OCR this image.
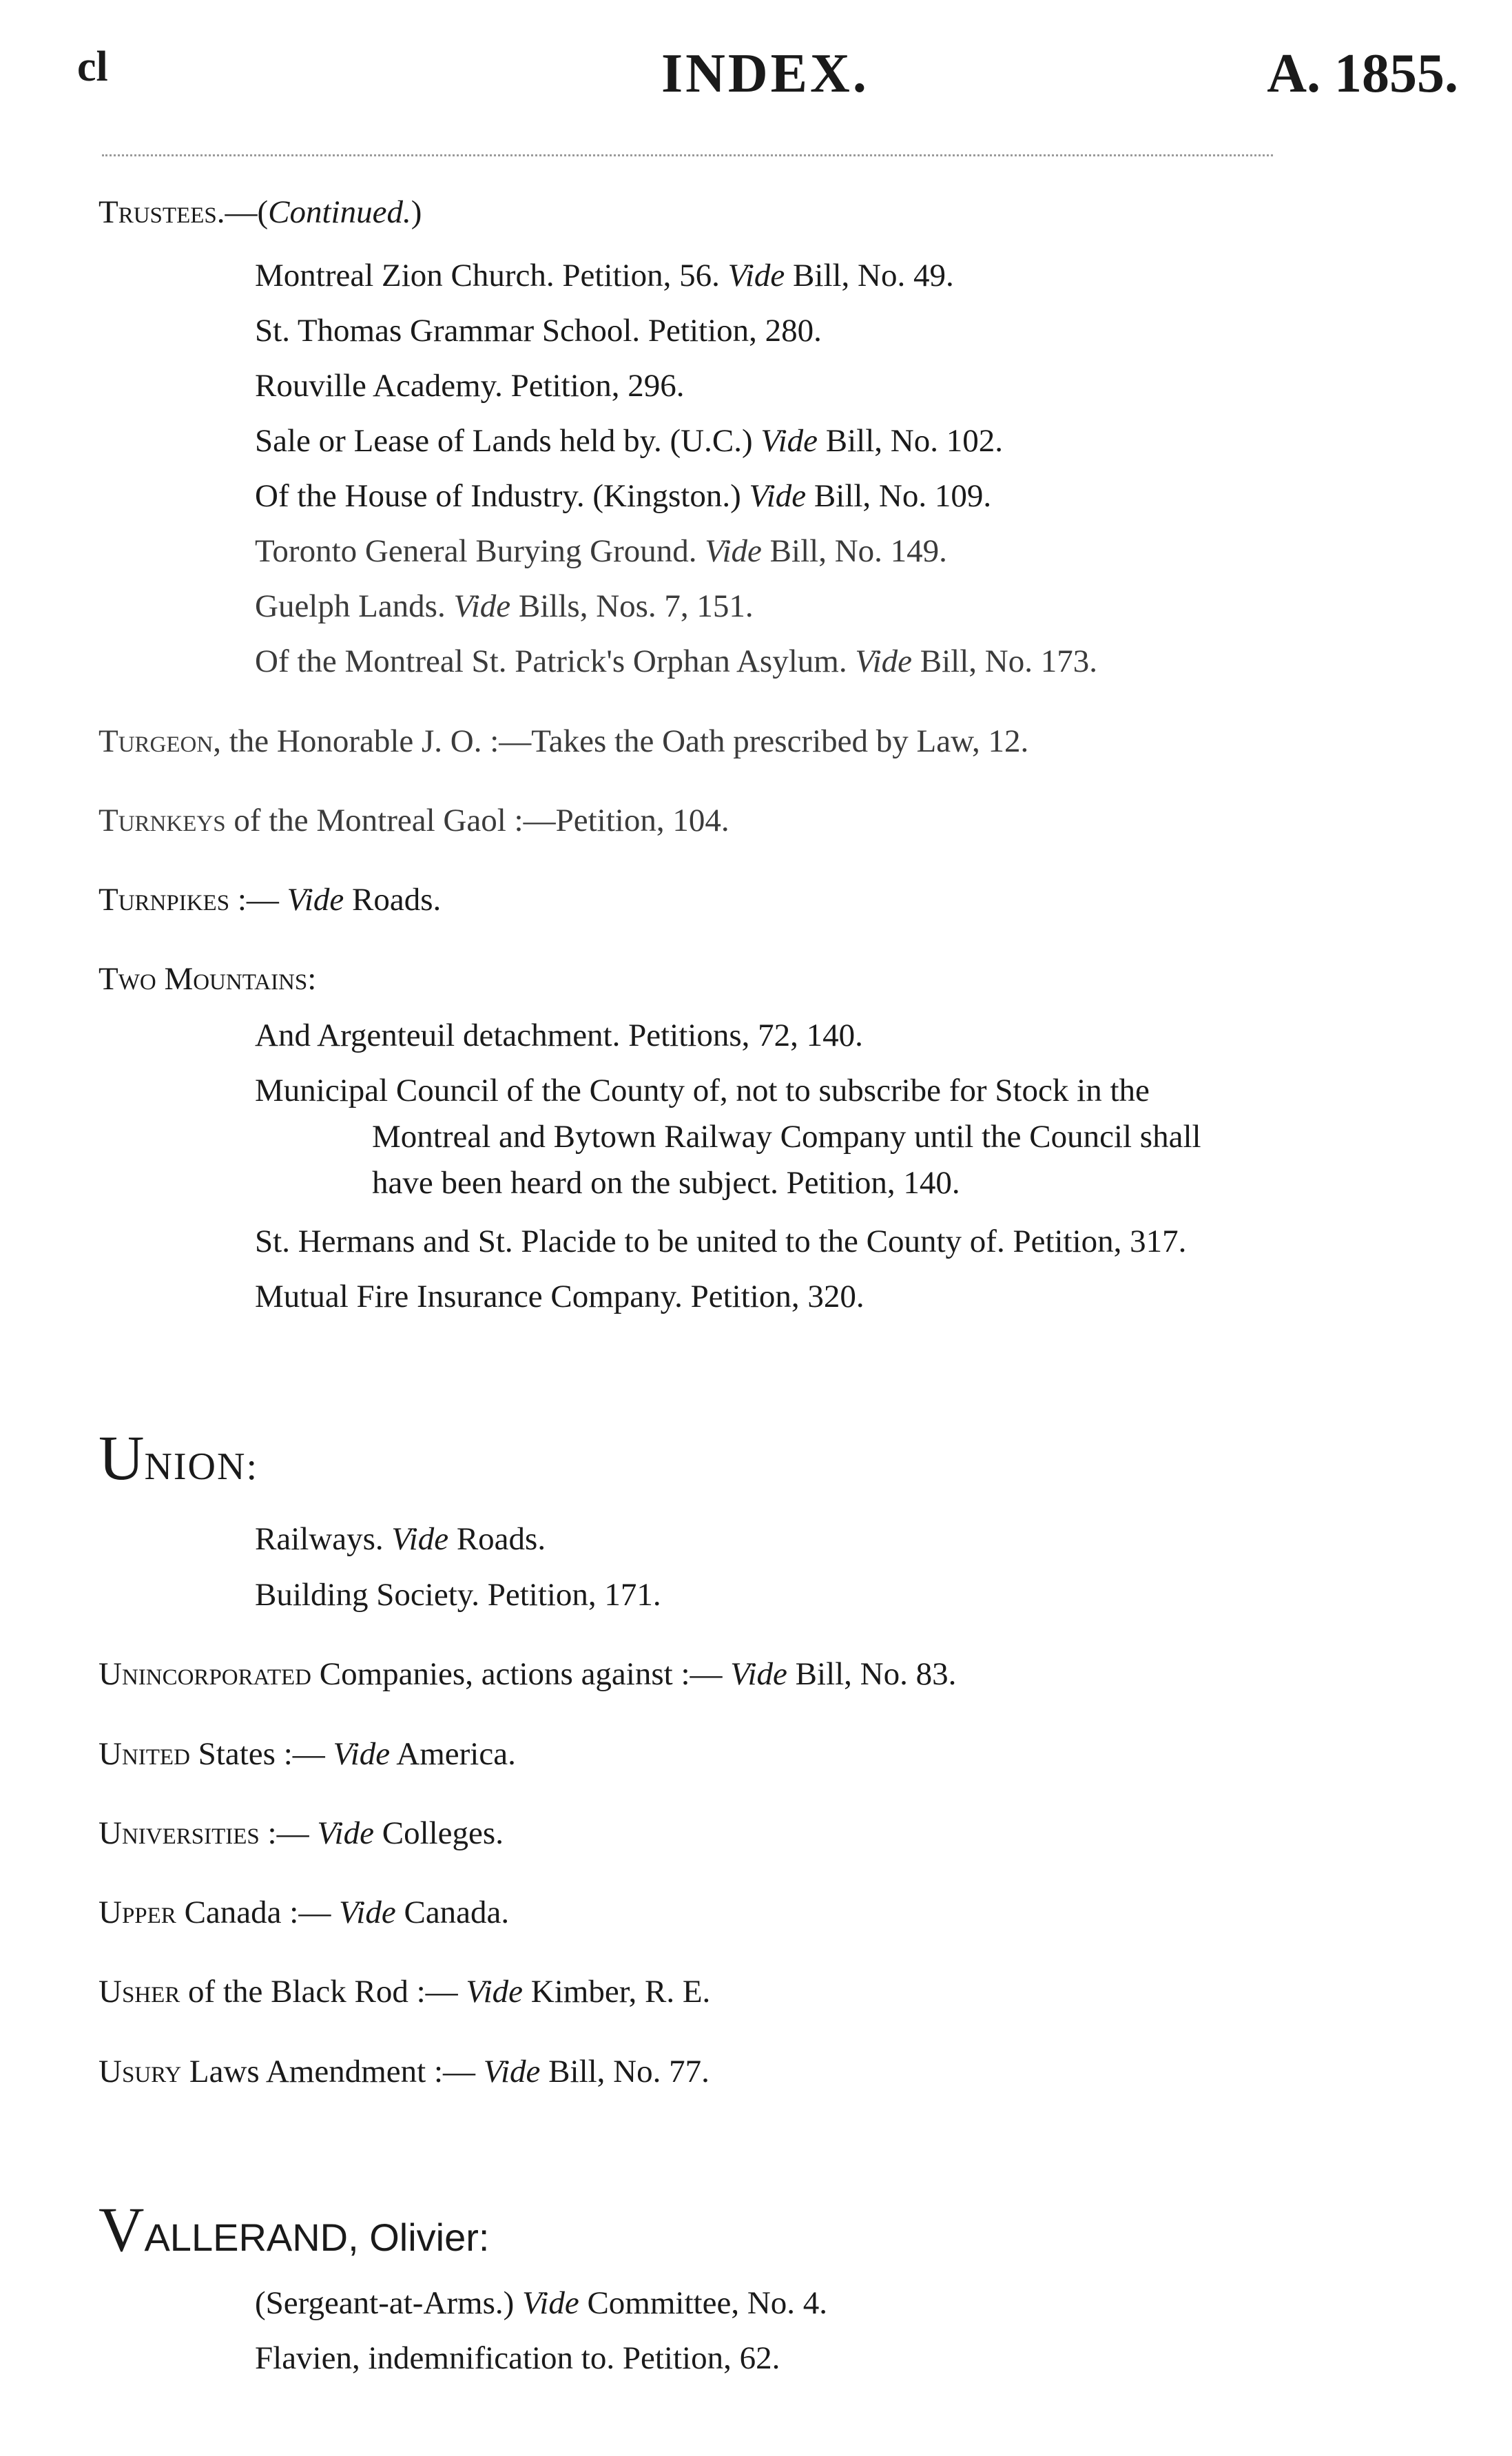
cl	INDEX.	A. 1855.
Trustees.—(Continued.)
Montreal Zion Church. Petition, 56. Vide Bill, No. 49.
St. Thomas Grammar School. Petition, 280.
Rouville Academy. Petition, 296.
Sale or Lease of Lands held by. (U.C.) Vide Bill, No. 102.
Of the House of Industry. (Kingston.) Vide Bill, No. 109.
Toronto General Burying Ground. Vide Bill, No. 149.
Guelph Lands. Vide Bills, Nos. 7, 151.
Of the Montreal St. Patrick's Orphan Asylum. Vide Bill, No. 173.
Turgeon, the Honorable J. O. :—Takes the Oath prescribed by Law, 12.
Turnkeys of the Montreal Gaol :—Petition, 104.
Turnpikes :— Vide Roads.
Two Mountains:
And Argenteuil detachment. Petitions, 72, 140.
Municipal Council of the County of, not to subscribe for Stock in the
Montreal and Bytown Railway Company until the Council shall
have been heard on the subject. Petition, 140.
St. Hermans and St. Placide to be united to the County of. Petition, 317.
Mutual Fire Insurance Company. Petition, 320.
UNION:
Railways. Vide Roads.
Building Society. Petition, 171.
Unincorporated Companies, actions against :— Vide Bill, No. 83.
United States :— Vide America.
Universities :— Vide Colleges.
Upper Canada :— Vide Canada.
Usher of the Black Rod :— Vide Kimber, R. E.
Usury Laws Amendment :— Vide Bill, No. 77.
VALLERAND, Olivier:
(Sergeant-at-Arms.) Vide Committee, No. 4.
Flavien, indemnification to. Petition, 62.
